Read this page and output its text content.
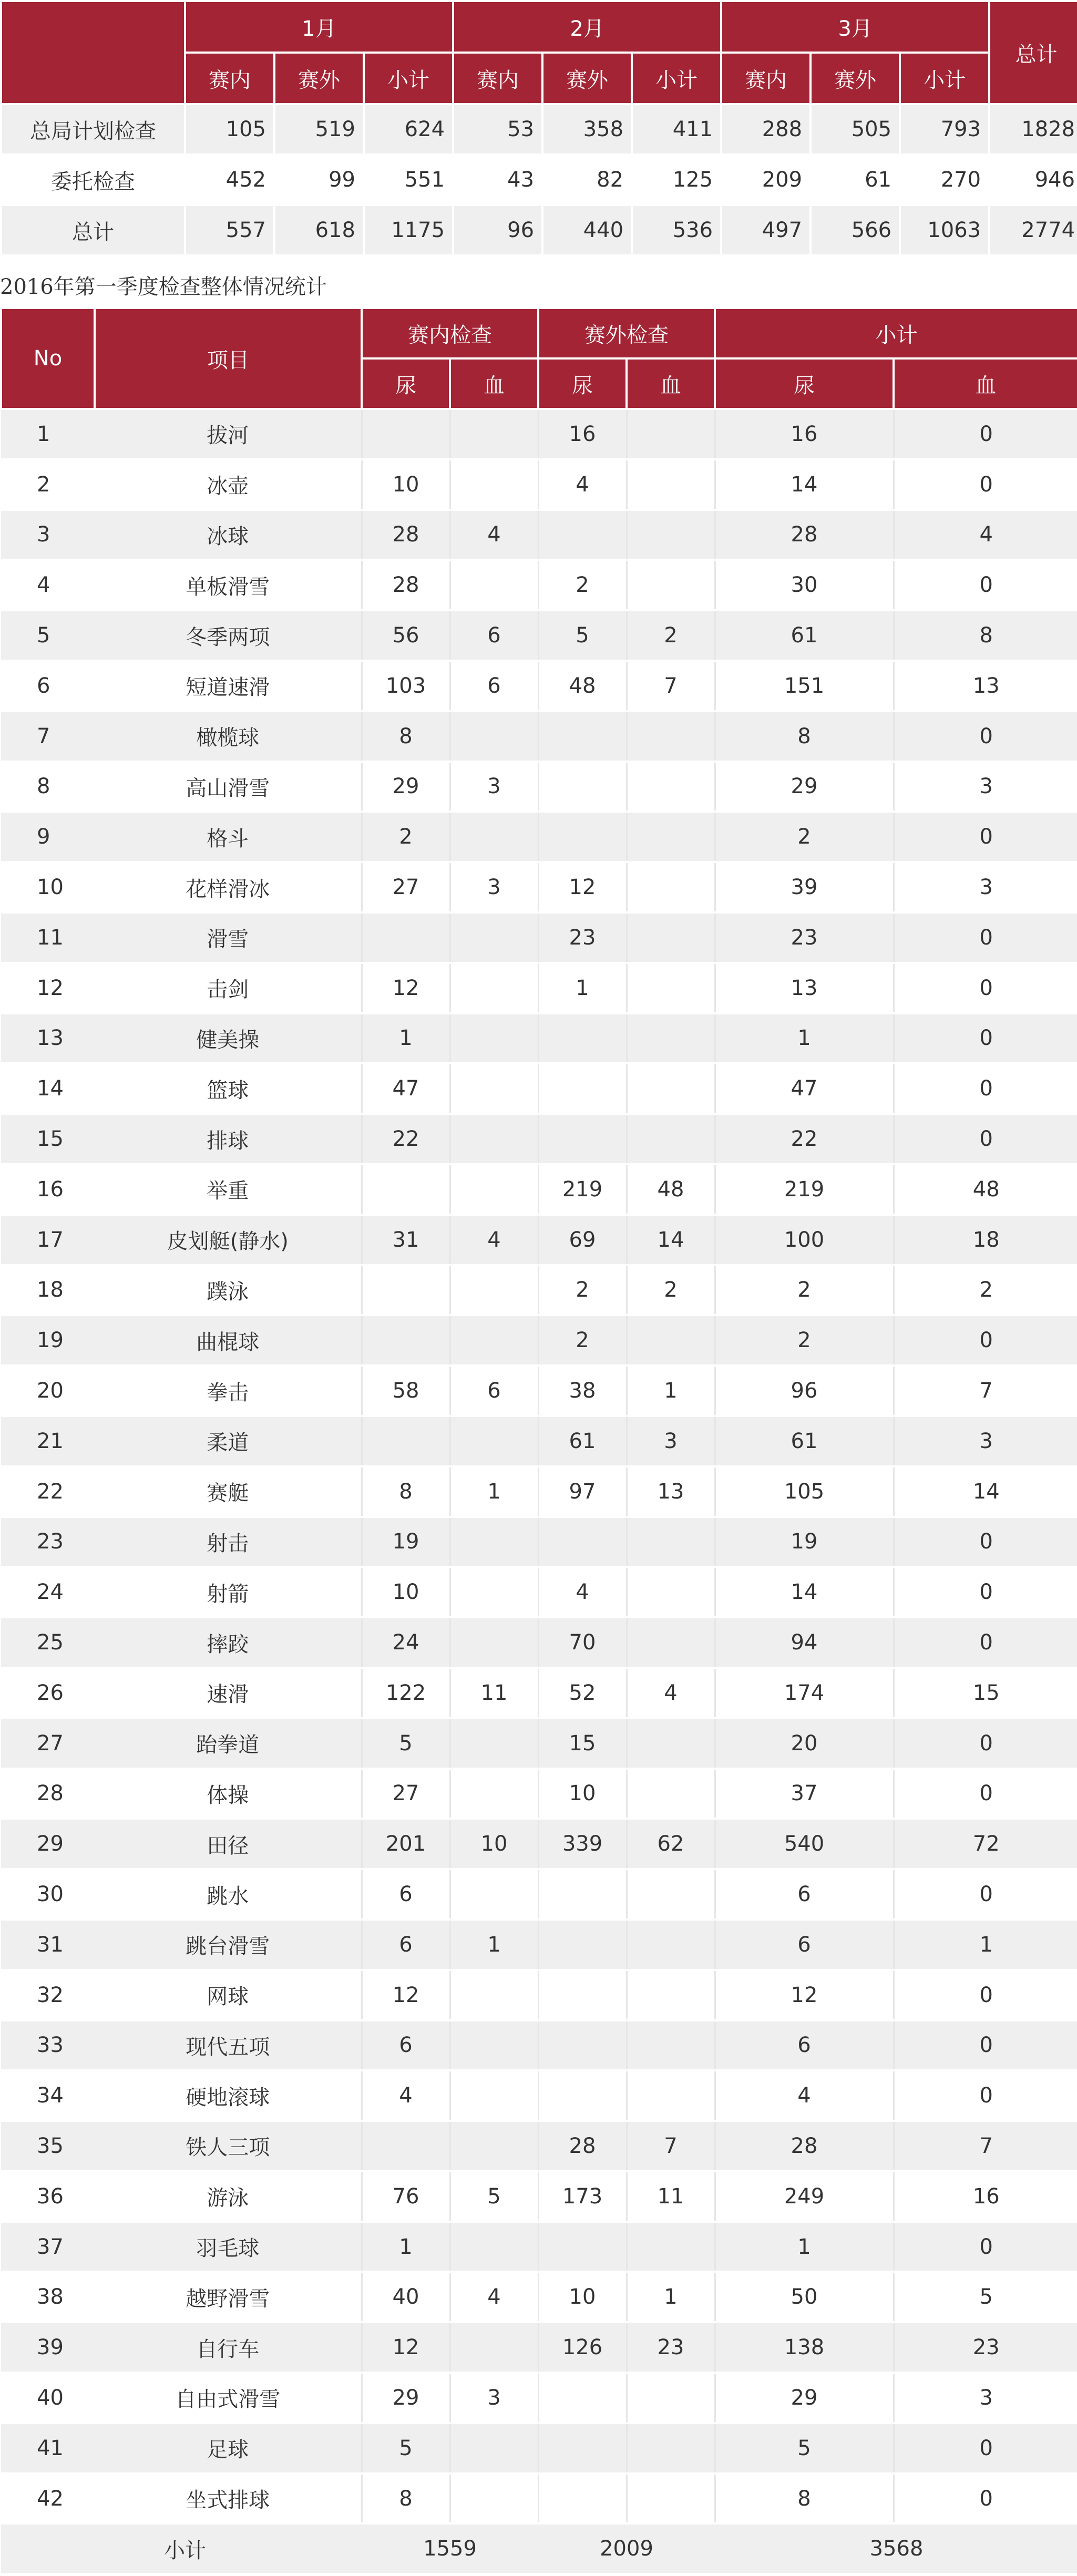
	1月			2月			3月			总计
	赛内	赛外	小计	赛内	赛外	小计	赛内	赛外	小计	
总局计划检查	105	519	624	53	358	411	288	505	793	1828
委托检查	452	99	551	43	82	125	209	61	270	946
总计	557	618	1175	96	440	536	497	566	1063	2774
2016年第一季度检查整体情况统计
No	项目	赛内检查		赛外检查		小计	
		尿	血	尿	血	尿	血
1	拔河			16		16	0
2	冰壶	10		4		14	0
3	冰球	28	4			28	4
4	单板滑雪	28		2		30	0
5	冬季两项	56	6	5	2	61	8
6	短道速滑	103	6	48	7	151	13
7	橄榄球	8				8	0
8	高山滑雪	29	3			29	3
9	格斗	2				2	0
10	花样滑冰	27	3	12		39	3
11	滑雪			23		23	0
12	击剑	12		1		13	0
13	健美操	1				1	0
14	篮球	47				47	0
15	排球	22				22	0
16	举重			219	48	219	48
17	皮划艇(静水)	31	4	69	14	100	18
18	蹼泳			2	2	2	2
19	曲棍球			2		2	0
20	拳击	58	6	38	1	96	7
21	柔道			61	3	61	3
22	赛艇	8	1	97	13	105	14
23	射击	19				19	0
24	射箭	10		4		14	0
25	摔跤	24		70		94	0
26	速滑	122	11	52	4	174	15
27	跆拳道	5		15		20	0
28	体操	27		10		37	0
29	田径	201	10	339	62	540	72
30	跳水	6				6	0
31	跳台滑雪	6	1			6	1
32	网球	12				12	0
33	现代五项	6				6	0
34	硬地滚球	4				4	0
35	铁人三项			28	7	28	7
36	游泳	76	5	173	11	249	16
37	羽毛球	1				1	0
38	越野滑雪	40	4	10	1	50	5
39	自行车	12		126	23	138	23
40	自由式滑雪	29	3			29	3
41	足球	5				5	0
42	坐式排球	8				8	0
小计		1559		2009		3568	
